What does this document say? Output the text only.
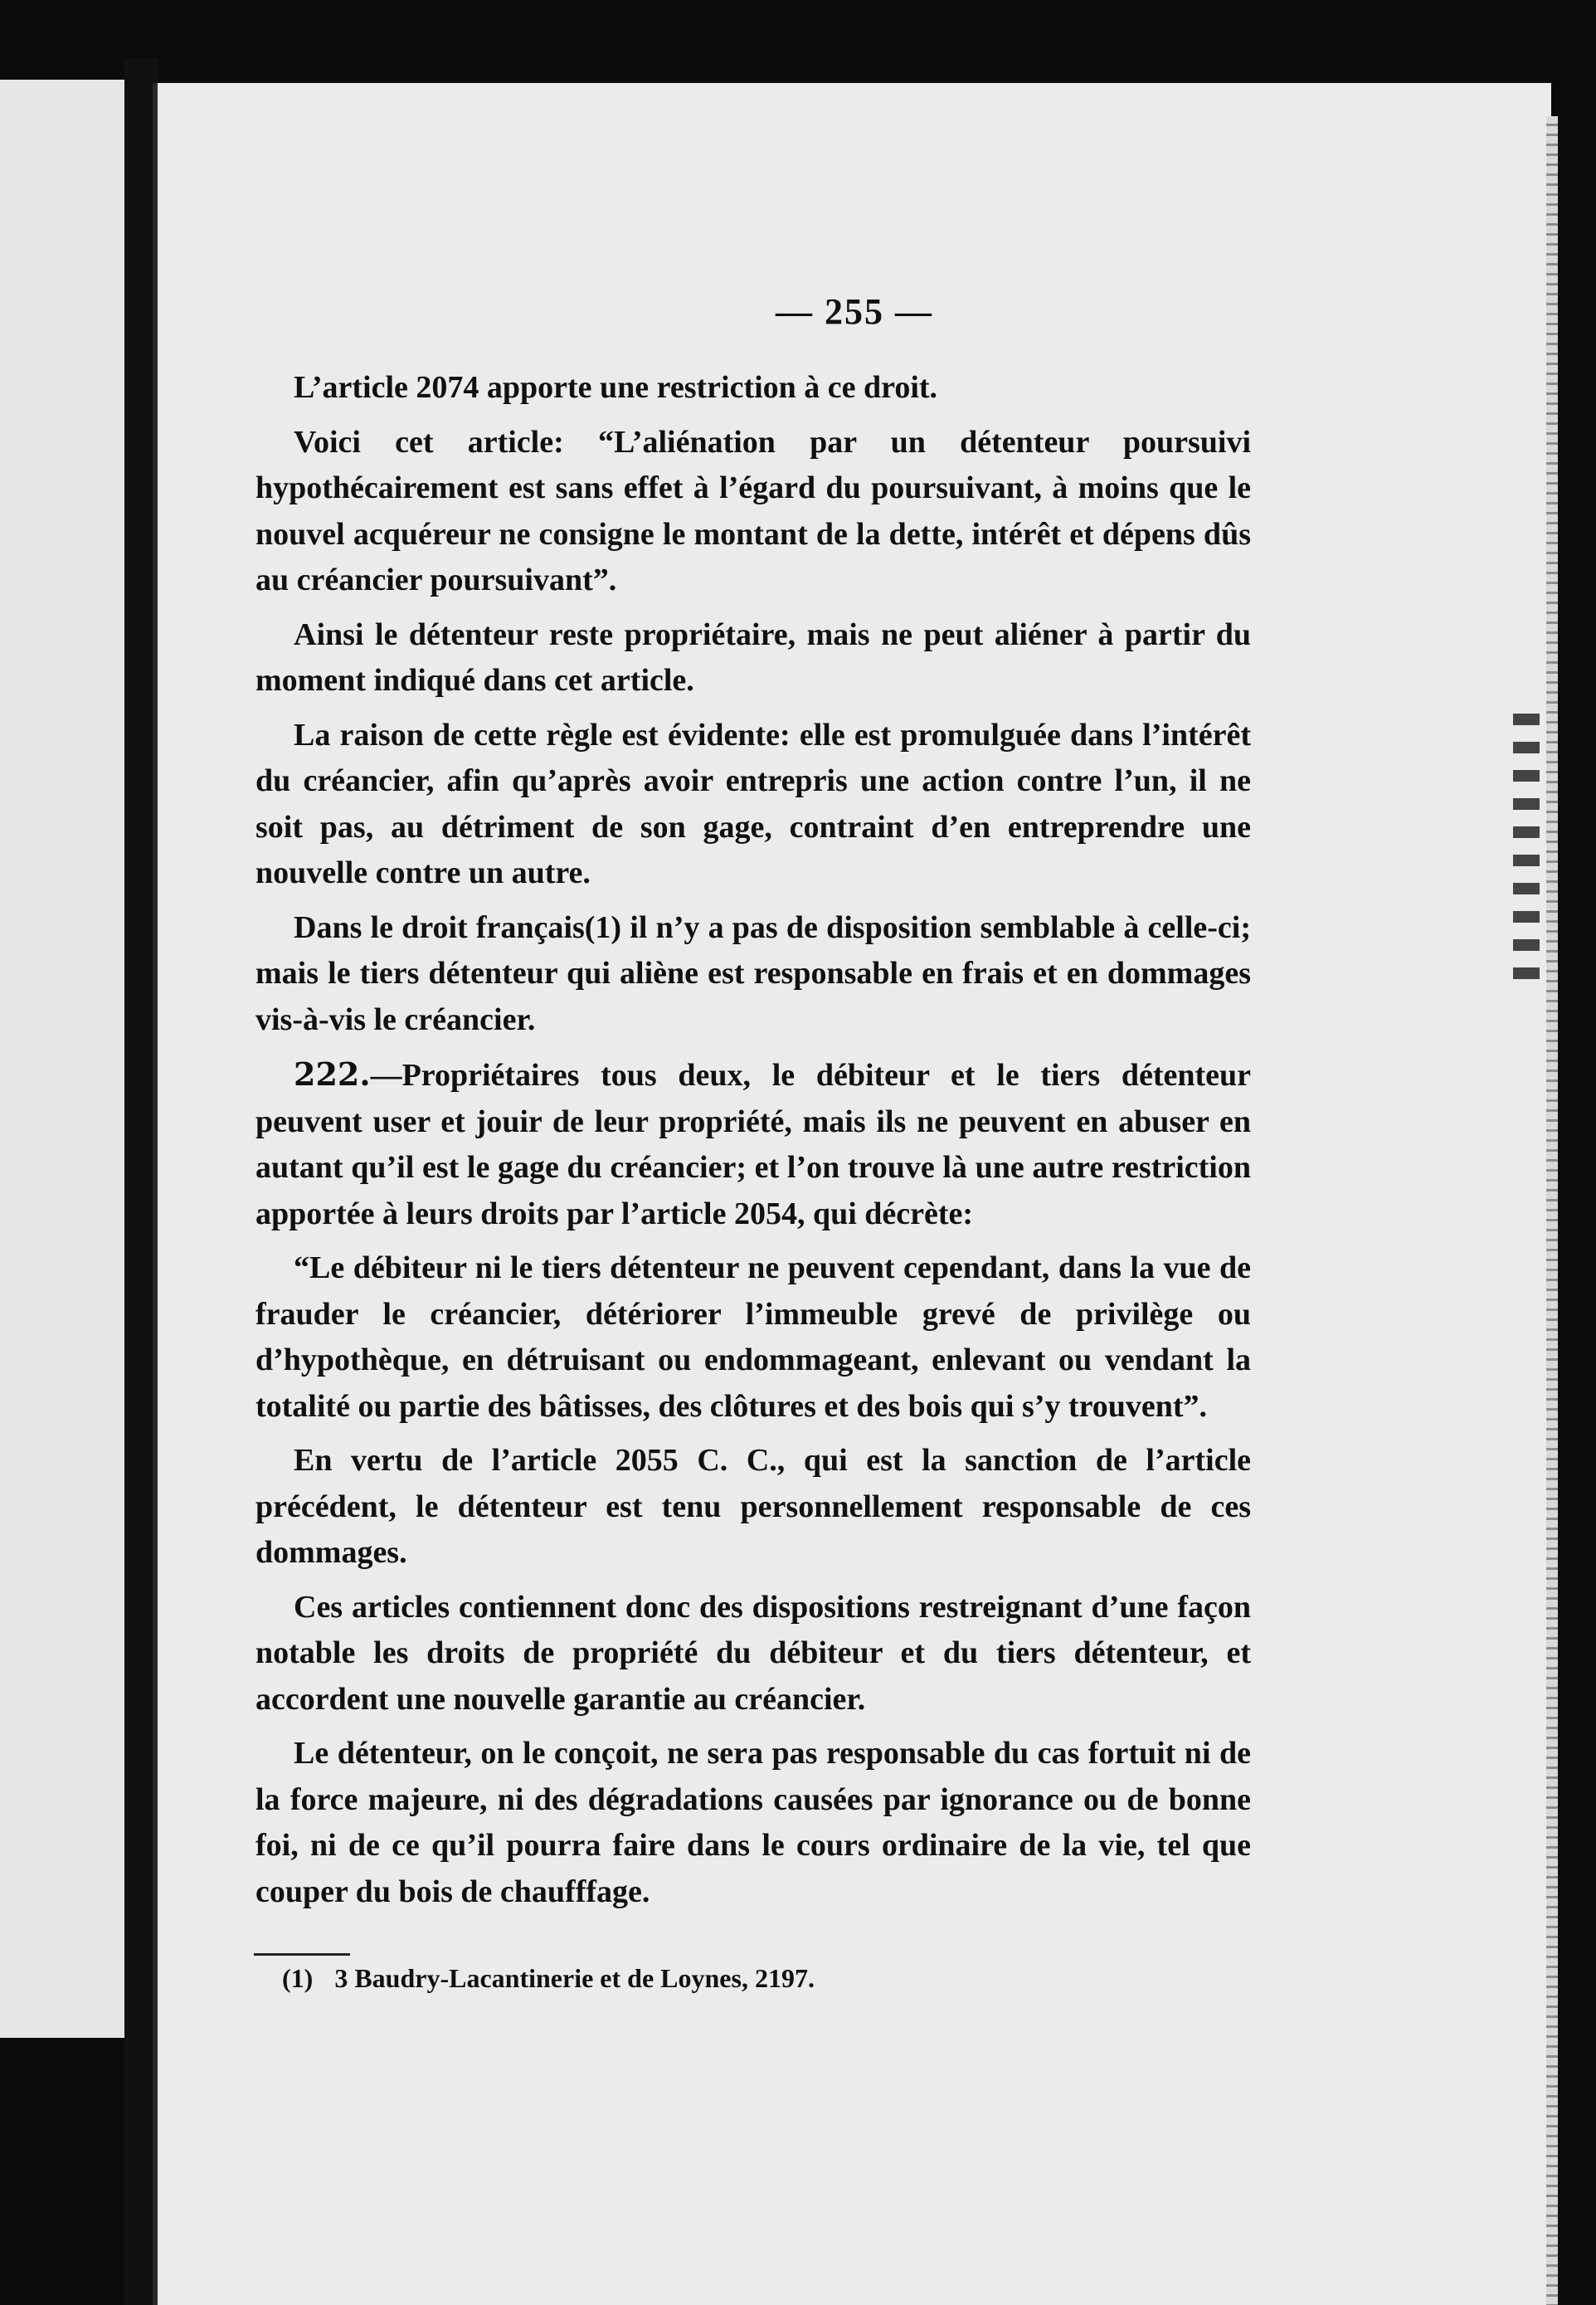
— 255 —

L’article 2074 apporte une restriction à ce droit.

Voici cet article: “L’aliénation par un détenteur poursuivi hypothécairement est sans effet à l’égard du poursuivant, à moins que le nouvel acquéreur ne consigne le montant de la dette, intérêt et dépens dûs au créancier poursuivant”.

Ainsi le détenteur reste propriétaire, mais ne peut aliéner à partir du moment indiqué dans cet article.

La raison de cette règle est évidente: elle est promulguée dans l’intérêt du créancier, afin qu’après avoir entrepris une action contre l’un, il ne soit pas, au détriment de son gage, contraint d’en entreprendre une nouvelle contre un autre.

Dans le droit français(1) il n’y a pas de disposition semblable à celle-ci; mais le tiers détenteur qui aliène est responsable en frais et en dommages vis-à-vis le créancier.

222.—Propriétaires tous deux, le débiteur et le tiers détenteur peuvent user et jouir de leur propriété, mais ils ne peuvent en abuser en autant qu’il est le gage du créancier; et l’on trouve là une autre restriction apportée à leurs droits par l’article 2054, qui décrète:

“Le débiteur ni le tiers détenteur ne peuvent cependant, dans la vue de frauder le créancier, détériorer l’immeuble grevé de privilège ou d’hypothèque, en détruisant ou endommageant, enlevant ou vendant la totalité ou partie des bâtisses, des clôtures et des bois qui s’y trouvent”.

En vertu de l’article 2055 C. C., qui est la sanction de l’article précédent, le détenteur est tenu personnellement responsable de ces dommages.

Ces articles contiennent donc des dispositions restreignant d’une façon notable les droits de propriété du débiteur et du tiers détenteur, et accordent une nouvelle garantie au créancier.

Le détenteur, on le conçoit, ne sera pas responsable du cas fortuit ni de la force majeure, ni des dégradations causées par ignorance ou de bonne foi, ni de ce qu’il pourra faire dans le cours ordinaire de la vie, tel que couper du bois de chaufffage.

(1) 3 Baudry-Lacantinerie et de Loynes, 2197.
